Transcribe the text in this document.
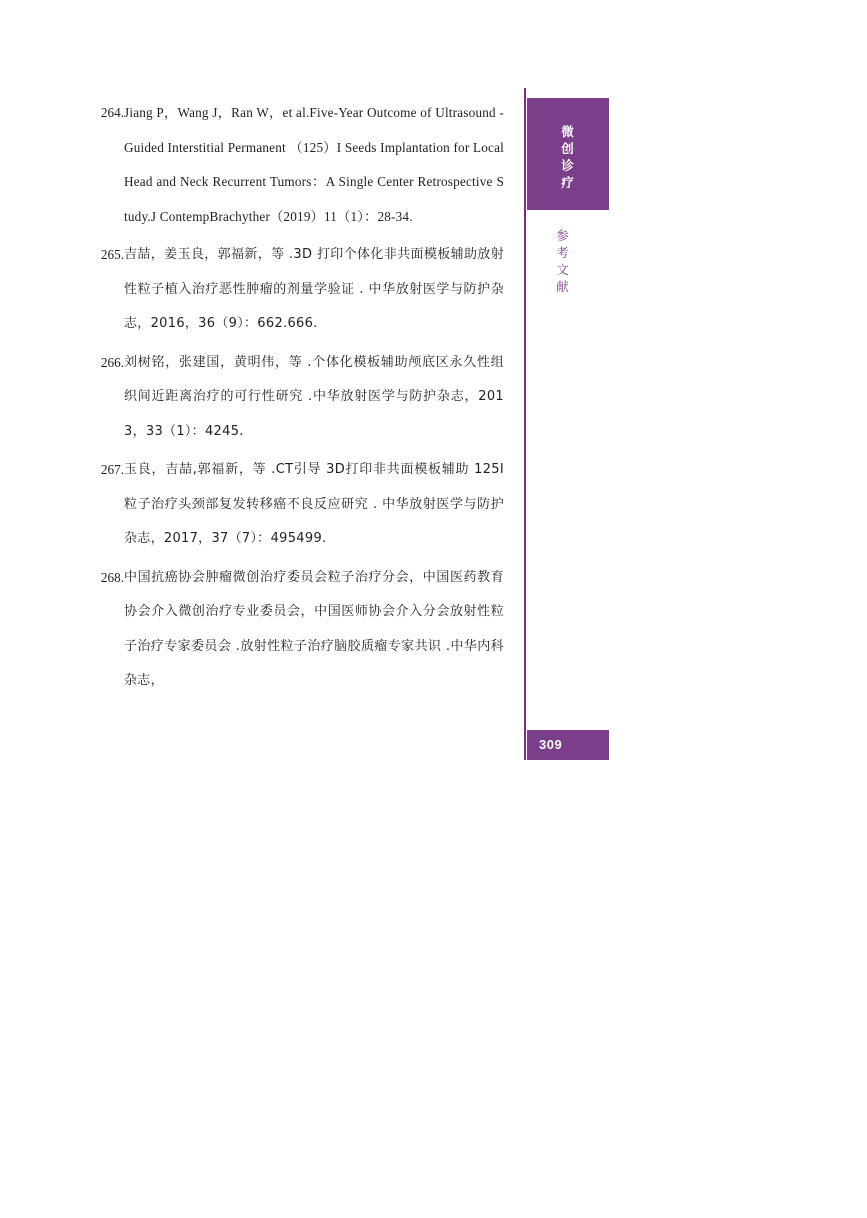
微
创
诊
疗
参
考
文
献
309
264. Jiang P，Wang J，Ran W，et al.Five-Year Outcome of Ultrasound - Guided Interstitial Permanent （125）I Seeds Implantation for Local Head and Neck Recurrent Tumors：A Single Center Retrospective Study.J ContempBrachyther（2019）11（1）：28-34.
265. 吉喆，姜玉良，郭福新，等 .3D 打印个体化非共面模板辅助放射性粒子植入治疗恶性肿瘤的剂量学验证 . 中华放射医学与防护杂志，2016，36（9）：662.666.
266. 刘树铭，张建国，黄明伟，等 .个体化模板辅助颅底区永久性组织间近距离治疗的可行性研究 .中华放射医学与防护杂志，2013，33（1）：4245.
267. 玉良，吉喆,郭福新，等 .CT引导 3D打印非共面模板辅助 125I 粒子治疗头颈部复发转移癌不良反应研究 . 中华放射医学与防护杂志，2017，37（7）：495499.
268. 中国抗癌协会肿瘤微创治疗委员会粒子治疗分会，中国医药教育协会介入微创治疗专业委员会，中国医师协会介入分会放射性粒子治疗专家委员会 .放射性粒子治疗脑胶质瘤专家共识 .中华内科杂志，
